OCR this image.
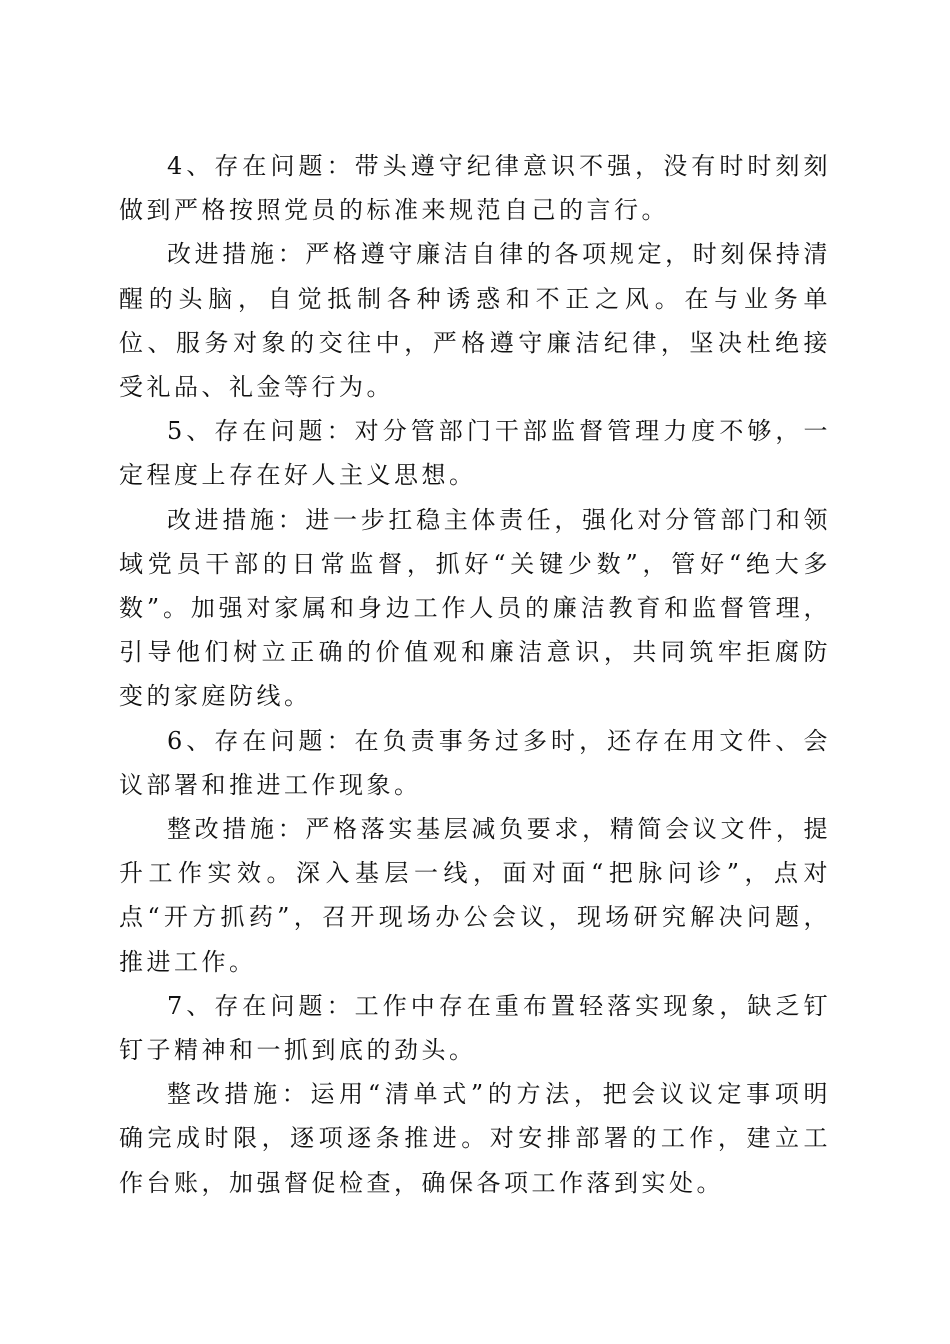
4、存在问题：带头遵守纪律意识不强，没有时时刻刻做到严格按照党员的标准来规范自己的言行。

改进措施：严格遵守廉洁自律的各项规定，时刻保持清醒的头脑，自觉抵制各种诱惑和不正之风。在与业务单位、服务对象的交往中，严格遵守廉洁纪律，坚决杜绝接受礼品、礼金等行为。

5、存在问题：对分管部门干部监督管理力度不够，一定程度上存在好人主义思想。

改进措施：进一步扛稳主体责任，强化对分管部门和领域党员干部的日常监督，抓好“关键少数”，管好“绝大多数”。加强对家属和身边工作人员的廉洁教育和监督管理，引导他们树立正确的价值观和廉洁意识，共同筑牢拒腐防变的家庭防线。

6、存在问题：在负责事务过多时，还存在用文件、会议部署和推进工作现象。

整改措施：严格落实基层减负要求，精简会议文件，提升工作实效。深入基层一线，面对面“把脉问诊”，点对点“开方抓药”，召开现场办公会议，现场研究解决问题，推进工作。

7、存在问题：工作中存在重布置轻落实现象，缺乏钉钉子精神和一抓到底的劲头。

整改措施：运用“清单式”的方法，把会议议定事项明确完成时限，逐项逐条推进。对安排部署的工作，建立工作台账，加强督促检查，确保各项工作落到实处。
